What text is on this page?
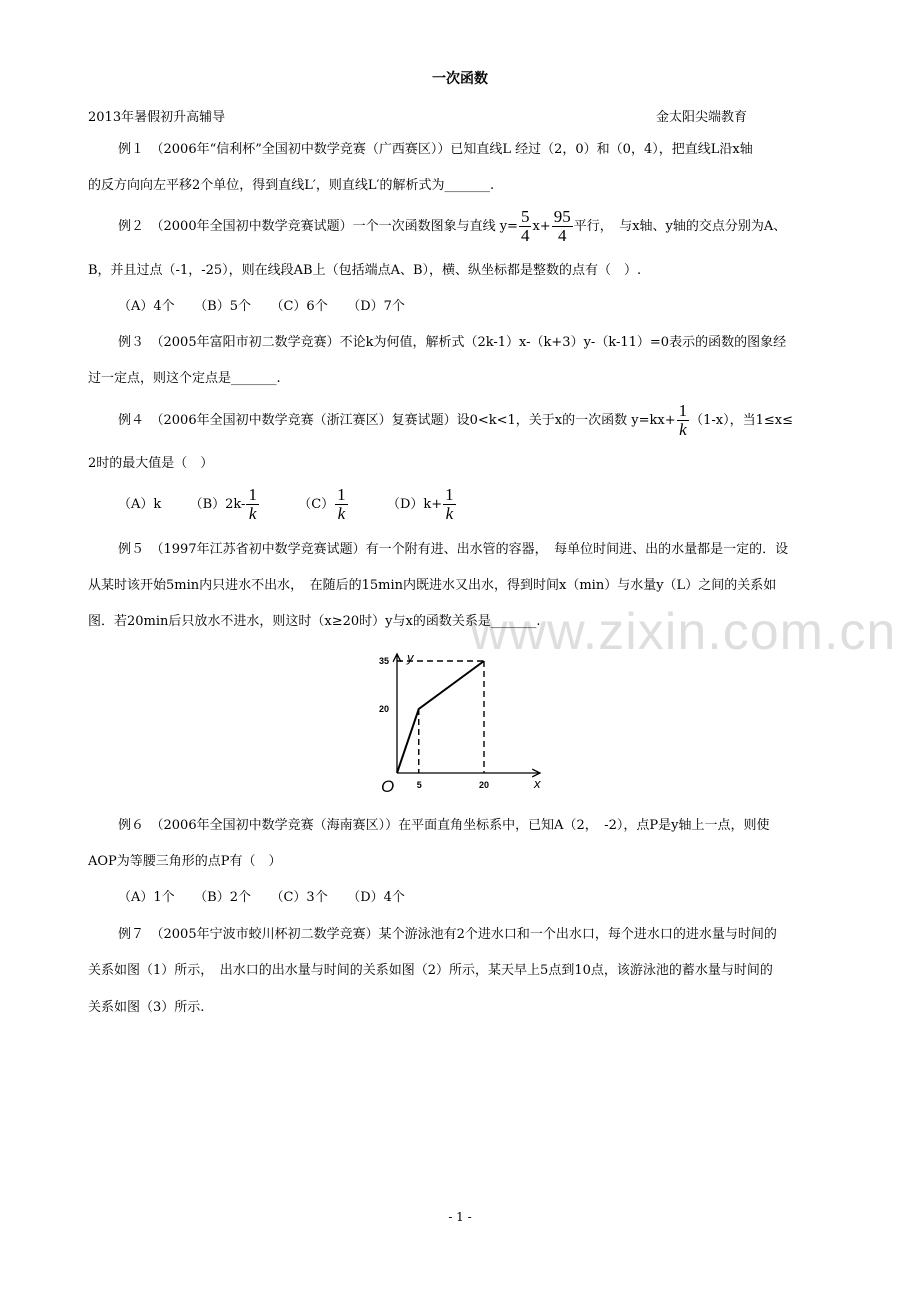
一次函数
2013年暑假初升高辅导	金太阳尖端教育
例１　（2006年“信利杯”全国初中数学竞赛（广西赛区））已知直线L 经过（2，0）和（0，4），把直线L沿x轴
的反方向向左平移2个单位，得到直线L′，则直线L′的解析式为_______.
例２　（2000年全国初中数学竞赛试题）一个一次函数图象与直线 $y= \frac{5}{4} x+ \frac{95}{4}$ 平行，　与x轴、y轴的交点分别为A、
B，并且过点（-1，-25），则在线段AB上（包括端点A、B），横、纵坐标都是整数的点有（　）.
（A）4个　　（B）5个　　（C）6个　　（D）7个
例３　（2005年富阳市初二数学竞赛）不论k为何值，解析式（2k-1）x-（k+3）y-（k-11）=0表示的函数的图象经
过一定点，则这个定点是_______.
例４　（2006年全国初中数学竞赛（浙江赛区）复赛试题）设0<k<1，关于x的一次函数 $y=kx+ \frac{1}{k} (1-x)$，当1≤x≤
2时的最大值是（　）
（A）k $(B)2k- \frac{1}{k}$	$(C) \frac{1}{k}$	$(D)k+ \frac{1}{k}$
例５　（1997年江苏省初中数学竞赛试题）有一个附有进、出水管的容器，　每单位时间进、出的水量都是一定的．设
从某时该开始5min内只进水不出水，　在随后的15min内既进水又出水，得到时间x（min）与水量y（L）之间的关系如
图．若20min后只放水不进水，则这时（x≥20时）y与x的函数关系是_______.
www.zixin.com.cn
y
x
O
20
35
5	20
例６　（2006年全国初中数学竞赛（海南赛区））在平面直角坐标系中，已知A（2，　-2），点P是y轴上一点，则使
AOP为等腰三角形的点P有（　）
（A）1个　　（B）2个　　（C）3个　　（D）4个
例７　（2005年宁波市蛟川杯初二数学竞赛）某个游泳池有2个进水口和一个出水口，每个进水口的进水量与时间的
关系如图（1）所示，　出水口的出水量与时间的关系如图（2）所示，某天早上5点到10点，该游泳池的蓄水量与时间的
关系如图（3）所示.
- 1 -
